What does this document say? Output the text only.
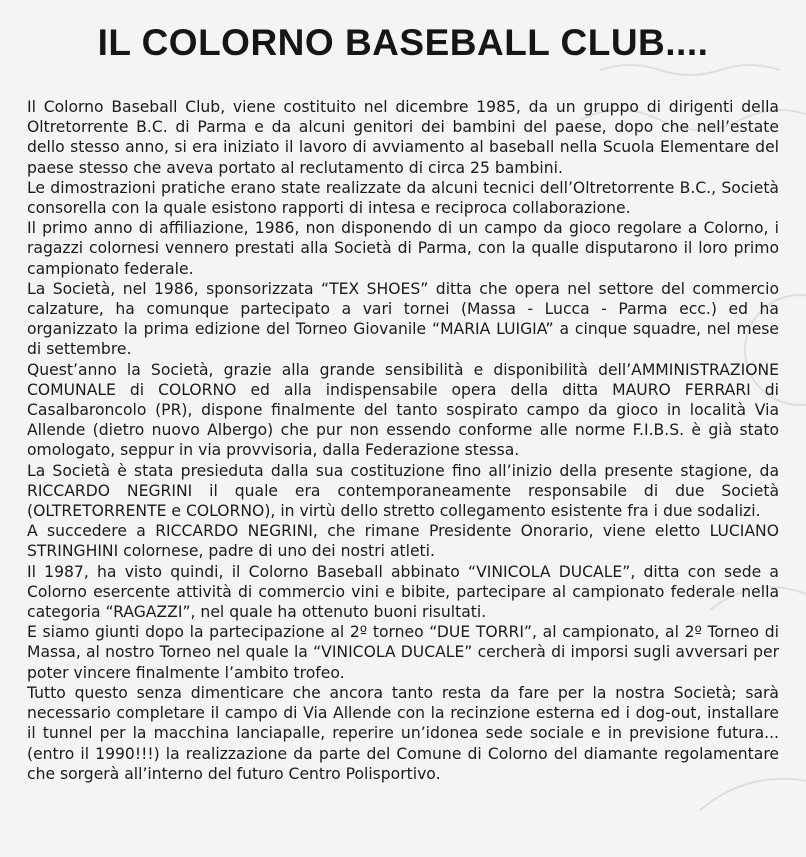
IL COLORNO BASEBALL CLUB....

Il Colorno Baseball Club, viene costituito nel dicembre 1985, da un gruppo di dirigenti della Oltretorrente B.C. di Parma e da alcuni genitori dei bambini del paese, dopo che nell’estate dello stesso anno, si era iniziato il lavoro di avviamento al baseball nella Scuola Elementare del paese stesso che aveva portato al reclutamento di circa 25 bambini.

Le dimostrazioni pratiche erano state realizzate da alcuni tecnici dell’Oltretorrente B.C., Società consorella con la quale esistono rapporti di intesa e reciproca collaborazione.

Il primo anno di affiliazione, 1986, non disponendo di un campo da gioco regolare a Colorno, i ragazzi colornesi vennero prestati alla Società di Parma, con la qualle disputarono il loro primo campionato federale.

La Società, nel 1986, sponsorizzata “TEX SHOES” ditta che opera nel settore del commercio calzature, ha comunque partecipato a vari tornei (Massa - Lucca - Parma ecc.) ed ha organizzato la prima edizione del Torneo Giovanile “MARIA LUIGIA” a cinque squadre, nel mese di settembre.

Quest’anno la Società, grazie alla grande sensibilità e disponibilità dell’AMMINISTRAZIONE COMUNALE di COLORNO ed alla indispensabile opera della ditta MAURO FERRARI di Casalbaroncolo (PR), dispone finalmente del tanto sospirato campo da gioco in località Via Allende (dietro nuovo Albergo) che pur non essendo conforme alle norme F.I.B.S. è già stato omologato, seppur in via provvisoria, dalla Federazione stessa.

La Società è stata presieduta dalla sua costituzione fino all’inizio della presente stagione, da RICCARDO NEGRINI il quale era contemporaneamente responsabile di due Società (OLTRETORRENTE e COLORNO), in virtù dello stretto collegamento esistente fra i due sodalizi.

A succedere a RICCARDO NEGRINI, che rimane Presidente Onorario, viene eletto LUCIANO STRINGHINI colornese, padre di uno dei nostri atleti.

Il 1987, ha visto quindi, il Colorno Baseball abbinato “VINICOLA DUCALE”, ditta con sede a Colorno esercente attività di commercio vini e bibite, partecipare al campionato federale nella categoria “RAGAZZI”, nel quale ha ottenuto buoni risultati.

E siamo giunti dopo la partecipazione al 2º torneo “DUE TORRI”, al campionato, al 2º Torneo di Massa, al nostro Torneo nel quale la “VINICOLA DUCALE” cercherà di imporsi sugli avversari per poter vincere finalmente l’ambito trofeo.

Tutto questo senza dimenticare che ancora tanto resta da fare per la nostra Società; sarà necessario completare il campo di Via Allende con la recinzione esterna ed i dog-out, installare il tunnel per la macchina lanciapalle, reperire un’idonea sede sociale e in previsione futura... (entro il 1990!!!) la realizzazione da parte del Comune di Colorno del diamante regolamentare che sorgerà all’interno del futuro Centro Polisportivo.
